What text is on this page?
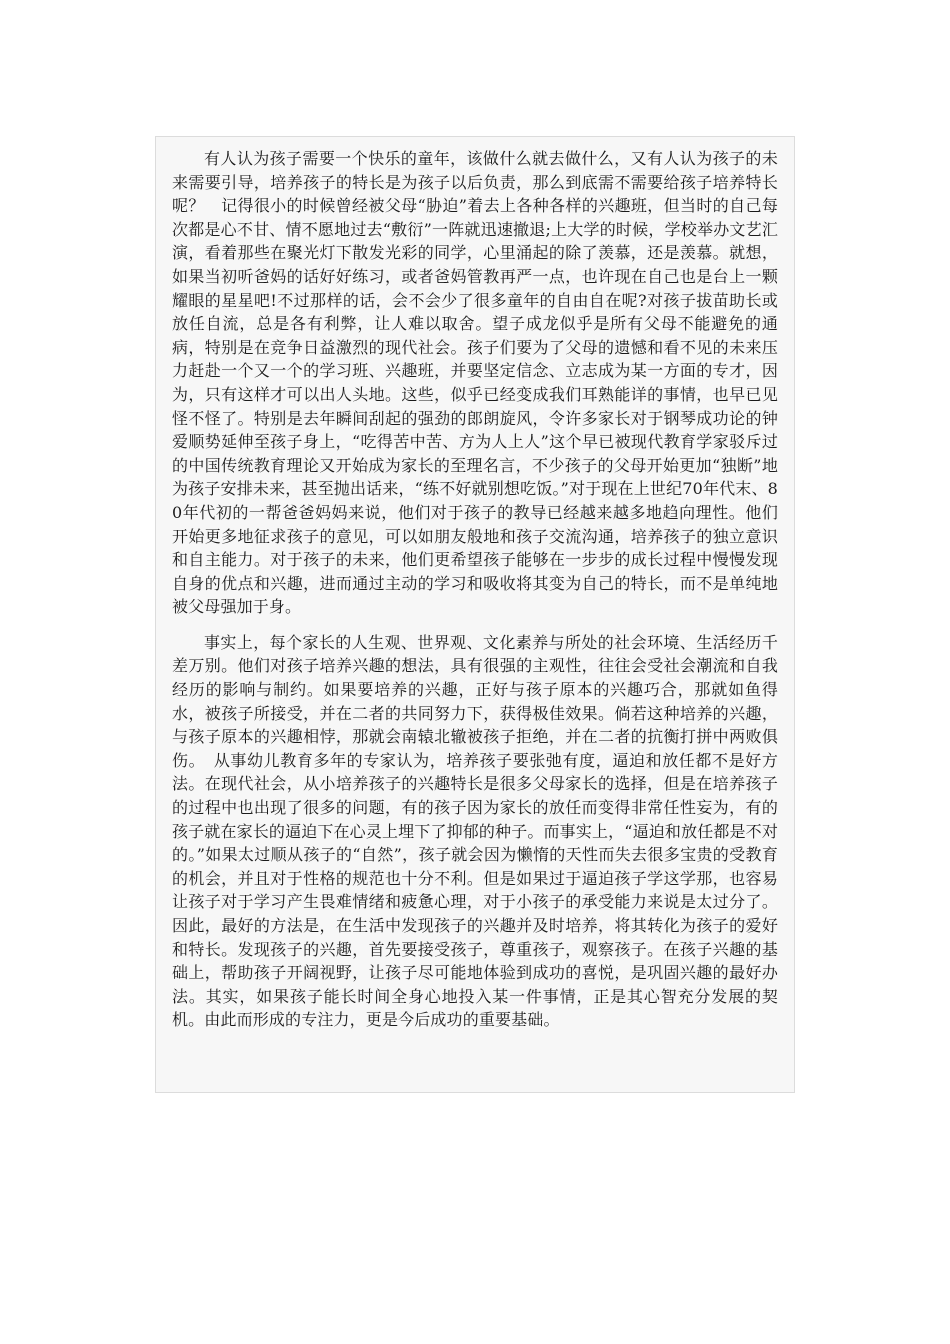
有人认为孩子需要一个快乐的童年，该做什么就去做什么，又有人认为孩子的未来需要引导，培养孩子的特长是为孩子以后负责，那么到底需不需要给孩子培养特长呢？　记得很小的时候曾经被父母“胁迫”着去上各种各样的兴趣班，但当时的自己每次都是心不甘、情不愿地过去“敷衍”一阵就迅速撤退;上大学的时候，学校举办文艺汇演，看着那些在聚光灯下散发光彩的同学，心里涌起的除了羡慕，还是羡慕。就想，如果当初听爸妈的话好好练习，或者爸妈管教再严一点，也许现在自己也是台上一颗耀眼的星星吧!不过那样的话，会不会少了很多童年的自由自在呢?对孩子拔苗助长或放任自流，总是各有利弊，让人难以取舍。望子成龙似乎是所有父母不能避免的通病，特别是在竞争日益激烈的现代社会。孩子们要为了父母的遗憾和看不见的未来压力赶赴一个又一个的学习班、兴趣班，并要坚定信念、立志成为某一方面的专才，因为，只有这样才可以出人头地。这些，似乎已经变成我们耳熟能详的事情，也早已见怪不怪了。特别是去年瞬间刮起的强劲的郎朗旋风，令许多家长对于钢琴成功论的钟爱顺势延伸至孩子身上，“吃得苦中苦、方为人上人”这个早已被现代教育学家驳斥过的中国传统教育理论又开始成为家长的至理名言，不少孩子的父母开始更加“独断”地为孩子安排未来，甚至抛出话来，“练不好就别想吃饭。”对于现在上世纪70年代末、80年代初的一帮爸爸妈妈来说，他们对于孩子的教导已经越来越多地趋向理性。他们开始更多地征求孩子的意见，可以如朋友般地和孩子交流沟通，培养孩子的独立意识和自主能力。对于孩子的未来，他们更希望孩子能够在一步步的成长过程中慢慢发现自身的优点和兴趣，进而通过主动的学习和吸收将其变为自己的特长，而不是单纯地被父母强加于身。

事实上，每个家长的人生观、世界观、文化素养与所处的社会环境、生活经历千差万别。他们对孩子培养兴趣的想法，具有很强的主观性，往往会受社会潮流和自我经历的影响与制约。如果要培养的兴趣，正好与孩子原本的兴趣巧合，那就如鱼得水，被孩子所接受，并在二者的共同努力下，获得极佳效果。倘若这种培养的兴趣，与孩子原本的兴趣相悖，那就会南辕北辙被孩子拒绝，并在二者的抗衡打拼中两败俱伤。　从事幼儿教育多年的专家认为，培养孩子要张弛有度，逼迫和放任都不是好方法。在现代社会，从小培养孩子的兴趣特长是很多父母家长的选择，但是在培养孩子的过程中也出现了很多的问题，有的孩子因为家长的放任而变得非常任性妄为，有的孩子就在家长的逼迫下在心灵上埋下了抑郁的种子。而事实上，“逼迫和放任都是不对的。”如果太过顺从孩子的“自然”，孩子就会因为懒惰的天性而失去很多宝贵的受教育的机会，并且对于性格的规范也十分不利。但是如果过于逼迫孩子学这学那，也容易让孩子对于学习产生畏难情绪和疲惫心理，对于小孩子的承受能力来说是太过分了。因此，最好的方法是，在生活中发现孩子的兴趣并及时培养，将其转化为孩子的爱好和特长。发现孩子的兴趣，首先要接受孩子，尊重孩子，观察孩子。在孩子兴趣的基础上，帮助孩子开阔视野，让孩子尽可能地体验到成功的喜悦，是巩固兴趣的最好办法。其实，如果孩子能长时间全身心地投入某一件事情，正是其心智充分发展的契机。由此而形成的专注力，更是今后成功的重要基础。
